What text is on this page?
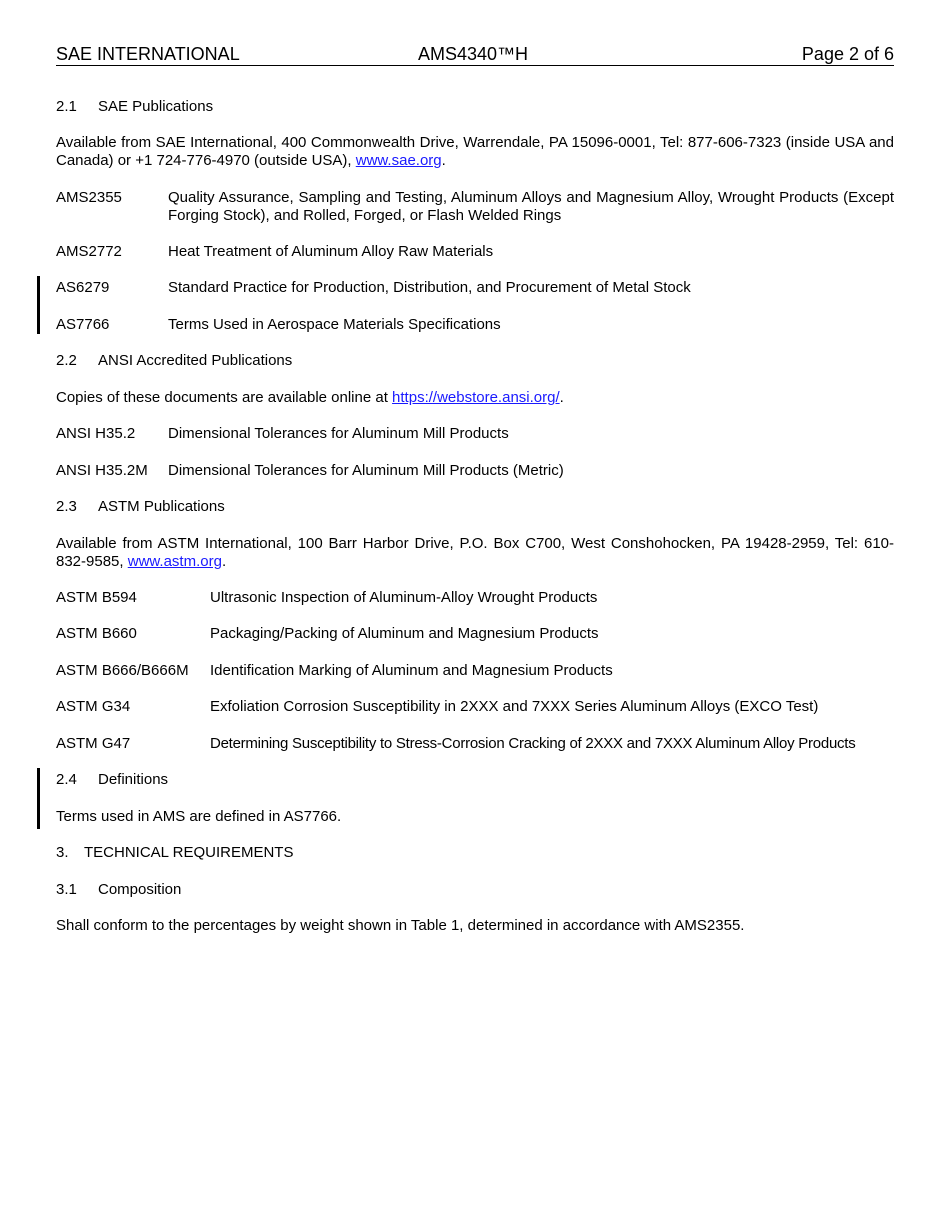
SAE INTERNATIONAL	AMS4340™H	Page 2 of 6
2.1 SAE Publications
Available from SAE International, 400 Commonwealth Drive, Warrendale, PA 15096-0001, Tel: 877-606-7323 (inside USA and Canada) or +1 724-776-4970 (outside USA), www.sae.org.
AMS2355	Quality Assurance, Sampling and Testing, Aluminum Alloys and Magnesium Alloy, Wrought Products (Except Forging Stock), and Rolled, Forged, or Flash Welded Rings
AMS2772	Heat Treatment of Aluminum Alloy Raw Materials
AS6279	Standard Practice for Production, Distribution, and Procurement of Metal Stock
AS7766	Terms Used in Aerospace Materials Specifications
2.2 ANSI Accredited Publications
Copies of these documents are available online at https://webstore.ansi.org/.
ANSI H35.2 Dimensional Tolerances for Aluminum Mill Products
ANSI H35.2M Dimensional Tolerances for Aluminum Mill Products (Metric)
2.3 ASTM Publications
Available from ASTM International, 100 Barr Harbor Drive, P.O. Box C700, West Conshohocken, PA 19428-2959, Tel: 610-832-9585, www.astm.org.
ASTM B594	Ultrasonic Inspection of Aluminum-Alloy Wrought Products
ASTM B660	Packaging/Packing of Aluminum and Magnesium Products
ASTM B666/B666M Identification Marking of Aluminum and Magnesium Products
ASTM G34	Exfoliation Corrosion Susceptibility in 2XXX and 7XXX Series Aluminum Alloys (EXCO Test)
ASTM G47	Determining Susceptibility to Stress-Corrosion Cracking of 2XXX and 7XXX Aluminum Alloy Products
2.4 Definitions
Terms used in AMS are defined in AS7766.
3. TECHNICAL REQUIREMENTS
3.1 Composition
Shall conform to the percentages by weight shown in Table 1, determined in accordance with AMS2355.
